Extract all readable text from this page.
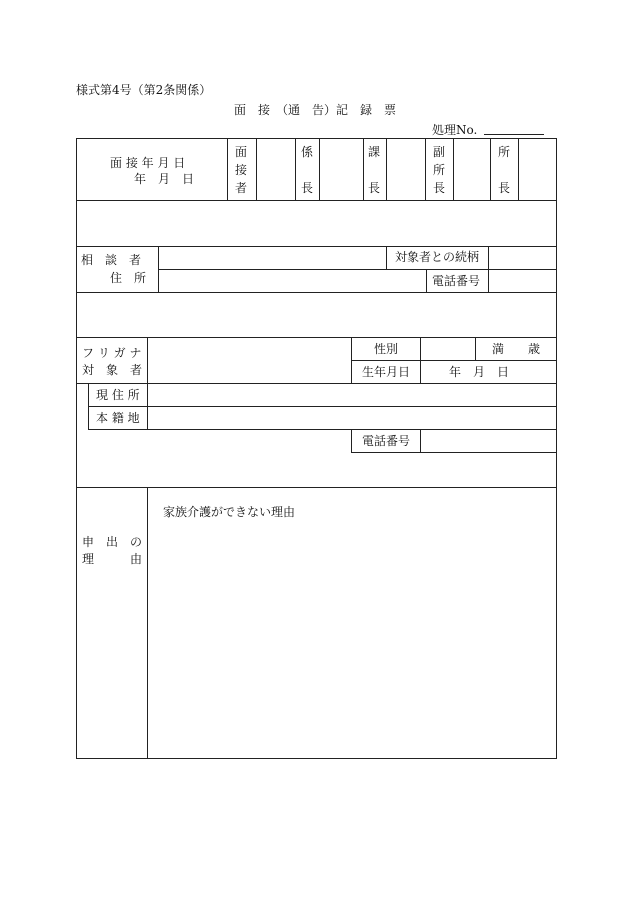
様式第4号（第2条関係）
面　接　（通　告）記　録　票
処理No.
面 接 年 月 日
年　月　日
面
接
者
係
長
課
長
副
所
長
所
長
相　談　者
住　所
対象者との続柄
電話番号
フ リ ガ ナ
対　象　者
性別	満 歳
生年月日	年　月　日
現 住 所
本 籍 地
電話番号
申　出　の
理　　　由
家族介護ができない理由
